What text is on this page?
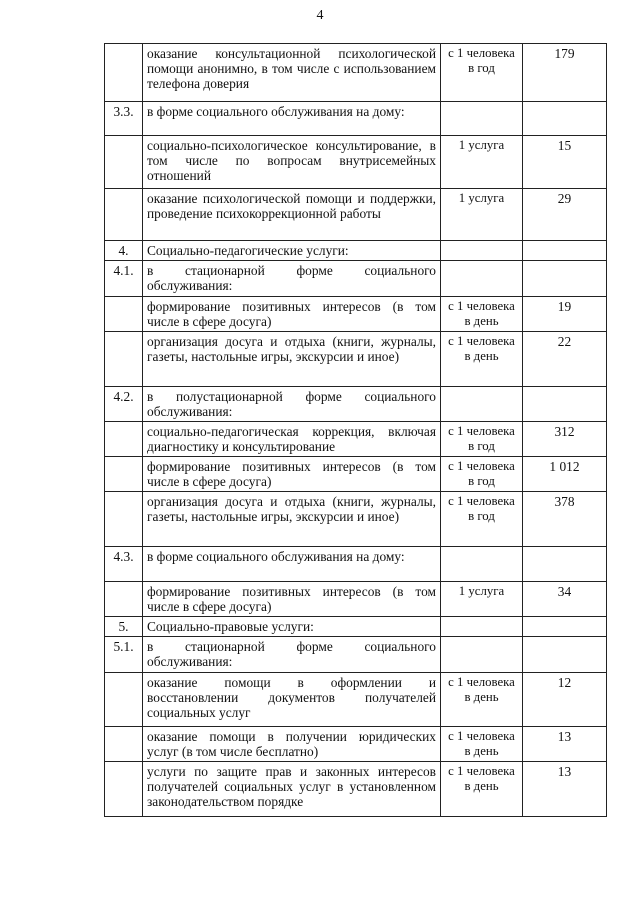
4
	оказание консультационной психологической помощи анонимно, в том числе с использованием телефона доверия	с 1 человека в год	179
3.3.	в форме социального обслуживания на дому:		
	социально-психологическое консультирование, в том числе по вопросам внутрисемейных отношений	1 услуга	15
	оказание психологической помощи и поддержки, проведение психокоррекционной работы	1 услуга	29
4.	Социально-педагогические услуги:		
4.1.	в стационарной форме социального обслуживания:		
	формирование позитивных интересов (в том числе в сфере досуга)	с 1 человека в день	19
	организация досуга и отдыха (книги, журналы, газеты, настольные игры, экскурсии и иное)	с 1 человека в день	22
4.2.	в полустационарной форме социального обслуживания:		
	социально-педагогическая коррекция, включая диагностику и консультирование	с 1 человека в год	312
	формирование позитивных интересов (в том числе в сфере досуга)	с 1 человека в год	1 012
	организация досуга и отдыха (книги, журналы, газеты, настольные игры, экскурсии и иное)	с 1 человека в год	378
4.3.	в форме социального обслуживания на дому:		
	формирование позитивных интересов (в том числе в сфере досуга)	1 услуга	34
5.	Социально-правовые услуги:		
5.1.	в стационарной форме социального обслуживания:		
	оказание помощи в оформлении и восстановлении документов получателей социальных услуг	с 1 человека в день	12
	оказание помощи в получении юридических услуг (в том числе бесплатно)	с 1 человека в день	13
	услуги по защите прав и законных интересов получателей социальных услуг в установленном законодательством порядке	с 1 человека в день	13
